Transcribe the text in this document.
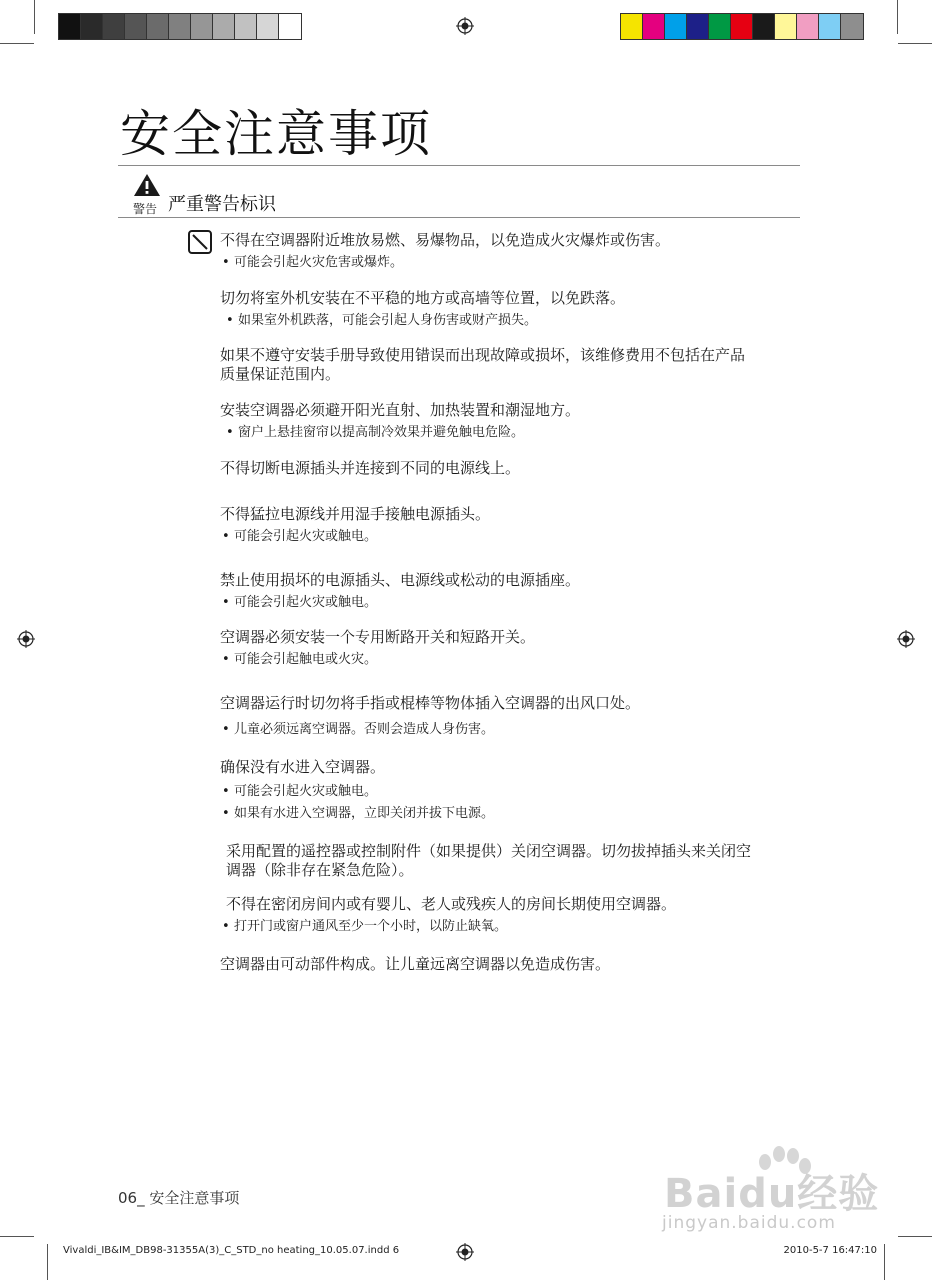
安全注意事项
警告 严重警告标识
不得在空调器附近堆放易燃、易爆物品，以免造成火灾爆炸或伤害。
• 可能会引起火灾危害或爆炸。
切勿将室外机安装在不平稳的地方或高墙等位置，以免跌落。
• 如果室外机跌落，可能会引起人身伤害或财产损失。
如果不遵守安装手册导致使用错误而出现故障或损坏，该维修费用不包括在产品
质量保证范围内。
安装空调器必须避开阳光直射、加热装置和潮湿地方。
• 窗户上悬挂窗帘以提高制冷效果并避免触电危险。
不得切断电源插头并连接到不同的电源线上。
不得猛拉电源线并用湿手接触电源插头。
• 可能会引起火灾或触电。
禁止使用损坏的电源插头、电源线或松动的电源插座。
• 可能会引起火灾或触电。
空调器必须安装一个专用断路开关和短路开关。
• 可能会引起触电或火灾。
空调器运行时切勿将手指或棍棒等物体插入空调器的出风口处。
• 儿童必须远离空调器。否则会造成人身伤害。
确保没有水进入空调器。
• 可能会引起火灾或触电。
• 如果有水进入空调器，立即关闭并拔下电源。
采用配置的遥控器或控制附件（如果提供）关闭空调器。切勿拔掉插头来关闭空
调器（除非存在紧急危险）。
不得在密闭房间内或有婴儿、老人或残疾人的房间长期使用空调器。
• 打开门或窗户通风至少一个小时，以防止缺氧。
空调器由可动部件构成。让儿童远离空调器以免造成伤害。
Baidu经验
jingyan.baidu.com
06_ 安全注意事项
Vivaldi_IB&IM_DB98-31355A(3)_C_STD_no heating_10.05.07.indd 6	2010-5-7 16:47:10
